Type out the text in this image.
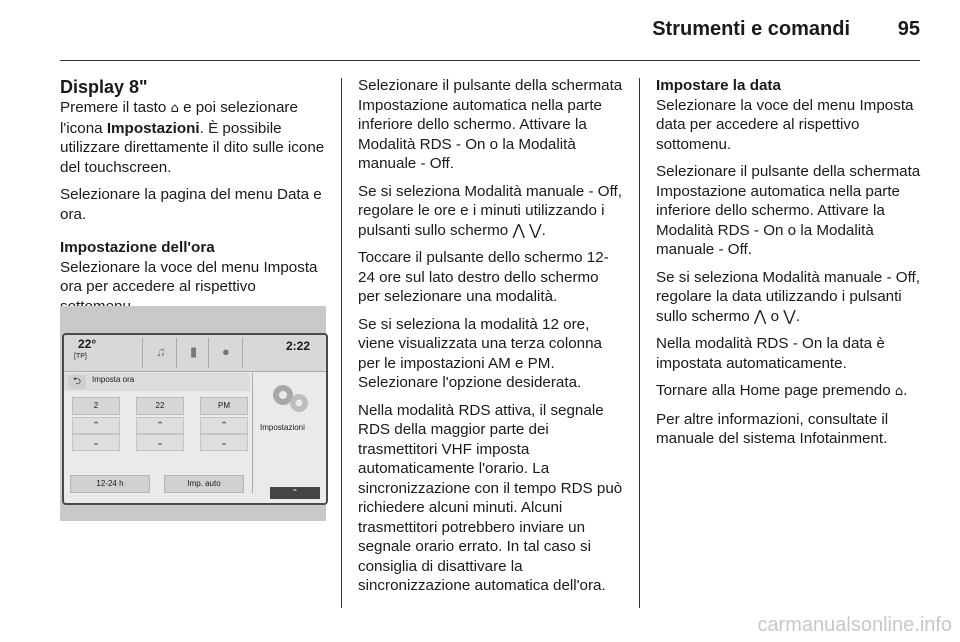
Strumenti e comandi	95
Display 8"

Premere il tasto ⌂ e poi selezionare l'icona Impostazioni. È possibile utilizzare direttamente il dito sulle icone del touchscreen.

Selezionare la pagina del menu Data e ora.

Impostazione dell'ora

Selezionare la voce del menu Imposta ora per accedere al rispettivo

22°
[TP]	♫ ▮ ●	2:22
⮌	Imposta ora
2	22	PM
⌃
⌄
⌃
⌄
⌃
⌄
12-24 h	Imp. auto
Impostazioni
⌃

Selezionare il pulsante della schermata Impostazione automatica nella parte inferiore dello schermo. Attivare la Modalità RDS - On o la Modalità manuale - Off.

Se si seleziona Modalità manuale - Off, regolare le ore e i minuti utilizzando i pulsanti sullo schermo ⋀ ⋁.

Toccare il pulsante dello schermo 12-24 ore sul lato destro dello schermo per selezionare una modalità.

Se si seleziona la modalità 12 ore, viene visualizzata una terza colonna per le impostazioni AM e PM. Selezionare l'opzione desiderata.

Nella modalità RDS attiva, il segnale RDS della maggior parte dei trasmettitori VHF imposta automaticamente l'orario. La sincronizzazione con il tempo RDS può richiedere alcuni minuti. Alcuni trasmettitori potrebbero inviare un segnale orario errato. In tal caso si consiglia di disattivare la sincronizzazione automatica dell'ora.

Impostare la data

Selezionare la voce del menu Imposta data per accedere al rispettivo sottomenu.

Selezionare il pulsante della schermata Impostazione automatica nella parte inferiore dello schermo. Attivare la Modalità RDS - On o la Modalità manuale - Off.

Se si seleziona Modalità manuale - Off, regolare la data utilizzando i pulsanti sullo schermo ⋀ o ⋁.

Nella modalità RDS - On la data è impostata automaticamente.

Tornare alla Home page premendo ⌂.

Per altre informazioni, consultate il manuale del sistema Infotainment.

carmanualsonline.info
